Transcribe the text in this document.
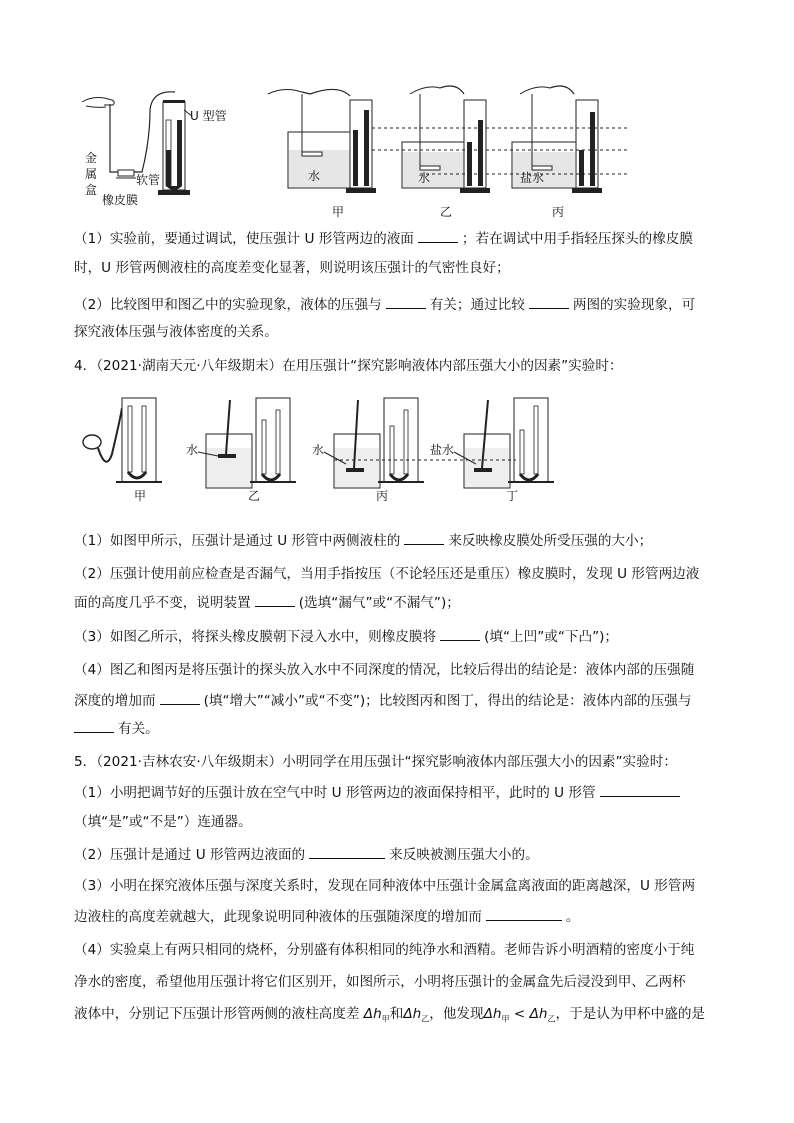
U 型管
金
属
盒
软管
橡皮膜
水
甲
水
乙
盐水
丙
（1）实验前，要通过调试，使压强计 U 形管两边的液面	；若在调试中用手指轻压探头的橡皮膜
时，U 形管两侧液柱的高度差变化显著，则说明该压强计的气密性良好；
（2）比较图甲和图乙中的实验现象，液体的压强与	有关；通过比较	两图的实验现象，可
探究液体压强与液体密度的关系。
4．（2021·湖南天元·八年级期末）在用压强计“探究影响液体内部压强大小的因素”实验时：
甲
水
乙
水
丙
盐水
丁
（1）如图甲所示，压强计是通过 U 形管中两侧液柱的	来反映橡皮膜处所受压强的大小；
（2）压强计使用前应检查是否漏气，当用手指按压（不论轻压还是重压）橡皮膜时，发现 U 形管两边液
面的高度几乎不变，说明装置	(选填“漏气”或“不漏气”)；
（3）如图乙所示，将探头橡皮膜朝下浸入水中，则橡皮膜将	(填“上凹”或“下凸”)；
（4）图乙和图丙是将压强计的探头放入水中不同深度的情况，比较后得出的结论是：液体内部的压强随
深度的增加而	(填“增大”“减小”或“不变”)；比较图丙和图丁，得出的结论是：液体内部的压强与
有关。
5．（2021·吉林农安·八年级期末）小明同学在用压强计“探究影响液体内部压强大小的因素”实验时：
（1）小明把调节好的压强计放在空气中时 U 形管两边的液面保持相平，此时的 U 形管
（填“是”或“不是”）连通器。
（2）压强计是通过 U 形管两边液面的	来反映被测压强大小的。
（3）小明在探究液体压强与深度关系时，发现在同种液体中压强计金属盒离液面的距离越深，U 形管两
边液柱的高度差就越大，此现象说明同种液体的压强随深度的增加而	。
（4）实验桌上有两只相同的烧杯，分别盛有体积相同的纯净水和酒精。老师告诉小明酒精的密度小于纯
净水的密度，希望他用压强计将它们区别开，如图所示，小明将压强计的金属盒先后浸没到甲、乙两杯
液体中，分别记下压强计形管两侧的液柱高度差 $\Delta h_甲$和$\Delta h_乙$，他发现$\Delta h_甲 < \Delta h_乙$，于是认为甲杯中盛的是
